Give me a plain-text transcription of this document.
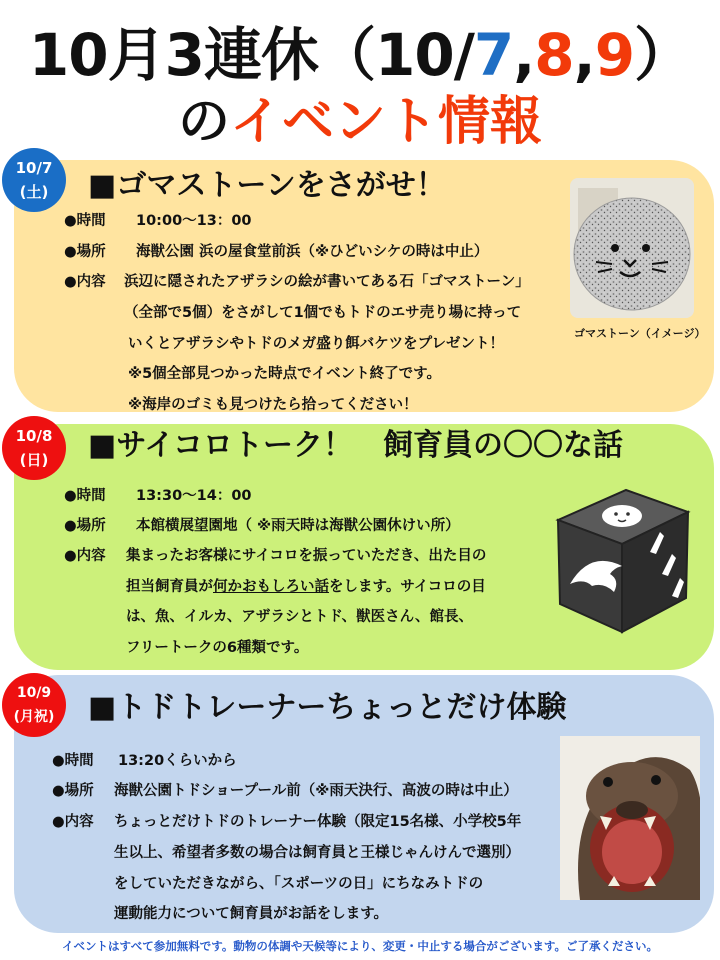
10月3連休（10/7,8,9）
のイベント情報
10/7
(土)	■ゴマストーンをさがせ！
●時間 10:00～13：00
●場所 海獣公園 浜の屋食堂前浜（※ひどいシケの時は中止）
●内容	浜辺に隠されたアザラシの絵が書いてある石「ゴマストーン」
（全部で5個）をさがして1個でもトドのエサ売り場に持って
いくとアザラシやトドのメガ盛り餌バケツをプレゼント！
※5個全部見つかった時点でイベント終了です。
※海岸のゴミも見つけたら拾ってください！
ゴマストーン（イメージ）
10/8
(日)	■サイコロトーク！　飼育員の〇〇な話
●時間 13:30～14：00
●場所 本館横展望園地（ ※雨天時は海獣公園休けい所）
●内容	集まったお客様にサイコロを振っていただき、出た目の
担当飼育員が何かおもしろい話をします。サイコロの目
は、魚、イルカ、アザラシとトド、獣医さん、館長、
フリートークの6種類です。
10/9
(月祝)	■トドトレーナーちょっとだけ体験
●時間 13:20くらいから
●場所 海獣公園トドショープール前（※雨天決行、高波の時は中止）
●内容	ちょっとだけトドのトレーナー体験（限定15名様、小学校5年
生以上、希望者多数の場合は飼育員と王様じゃんけんで選別）
をしていただきながら、「スポーツの日」にちなみトドの
運動能力について飼育員がお話をします。
イベントはすべて参加無料です。動物の体調や天候等により、変更・中止する場合がございます。ご了承ください。
